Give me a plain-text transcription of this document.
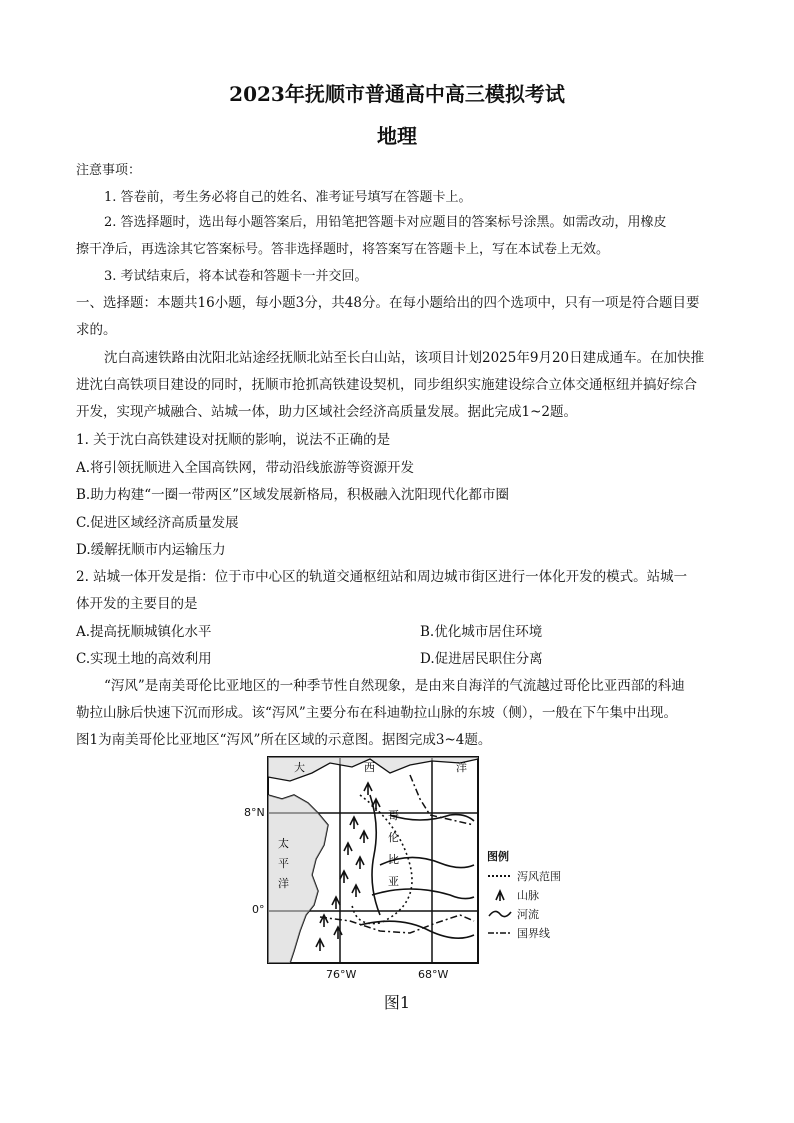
2023年抚顺市普通高中高三模拟考试
地理
注意事项：
1. 答卷前，考生务必将自己的姓名、准考证号填写在答题卡上。
2. 答选择题时，选出每小题答案后，用铅笔把答题卡对应题目的答案标号涂黑。如需改动，用橡皮
擦干净后，再选涂其它答案标号。答非选择题时，将答案写在答题卡上，写在本试卷上无效。
3. 考试结束后，将本试卷和答题卡一并交回。
一、选择题：本题共16小题，每小题3分，共48分。在每小题给出的四个选项中，只有一项是符合题目要
求的。
沈白高速铁路由沈阳北站途经抚顺北站至长白山站，该项目计划2025年9月20日建成通车。在加快推
进沈白高铁项目建设的同时，抚顺市抢抓高铁建设契机，同步组织实施建设综合立体交通枢纽并搞好综合
开发，实现产城融合、站城一体，助力区域社会经济高质量发展。据此完成1~2题。
1. 关于沈白高铁建设对抚顺的影响，说法不正确的是
A.将引领抚顺进入全国高铁网，带动沿线旅游等资源开发
B.助力构建“一圈一带两区”区域发展新格局，积极融入沈阳现代化都市圈
C.促进区域经济高质量发展
D.缓解抚顺市内运输压力
2. 站城一体开发是指：位于市中心区的轨道交通枢纽站和周边城市街区进行一体化开发的模式。站城一
体开发的主要目的是
A.提高抚顺城镇化水平	B.优化城市居住环境
C.实现土地的高效利用	D.促进居民职住分离
“泻风”是南美哥伦比亚地区的一种季节性自然现象，是由来自海洋的气流越过哥伦比亚西部的科迪
勒拉山脉后快速下沉而形成。该“泻风”主要分布在科迪勒拉山脉的东坡（侧），一般在下午集中出现。
图1为南美哥伦比亚地区“泻风”所在区域的示意图。据图完成3~4题。
大	西	洋
太
平
洋
哥
伦
比
亚
8°N
0°
76°W	68°W
图例
泻风范围
山脉
河流
国界线
图1
